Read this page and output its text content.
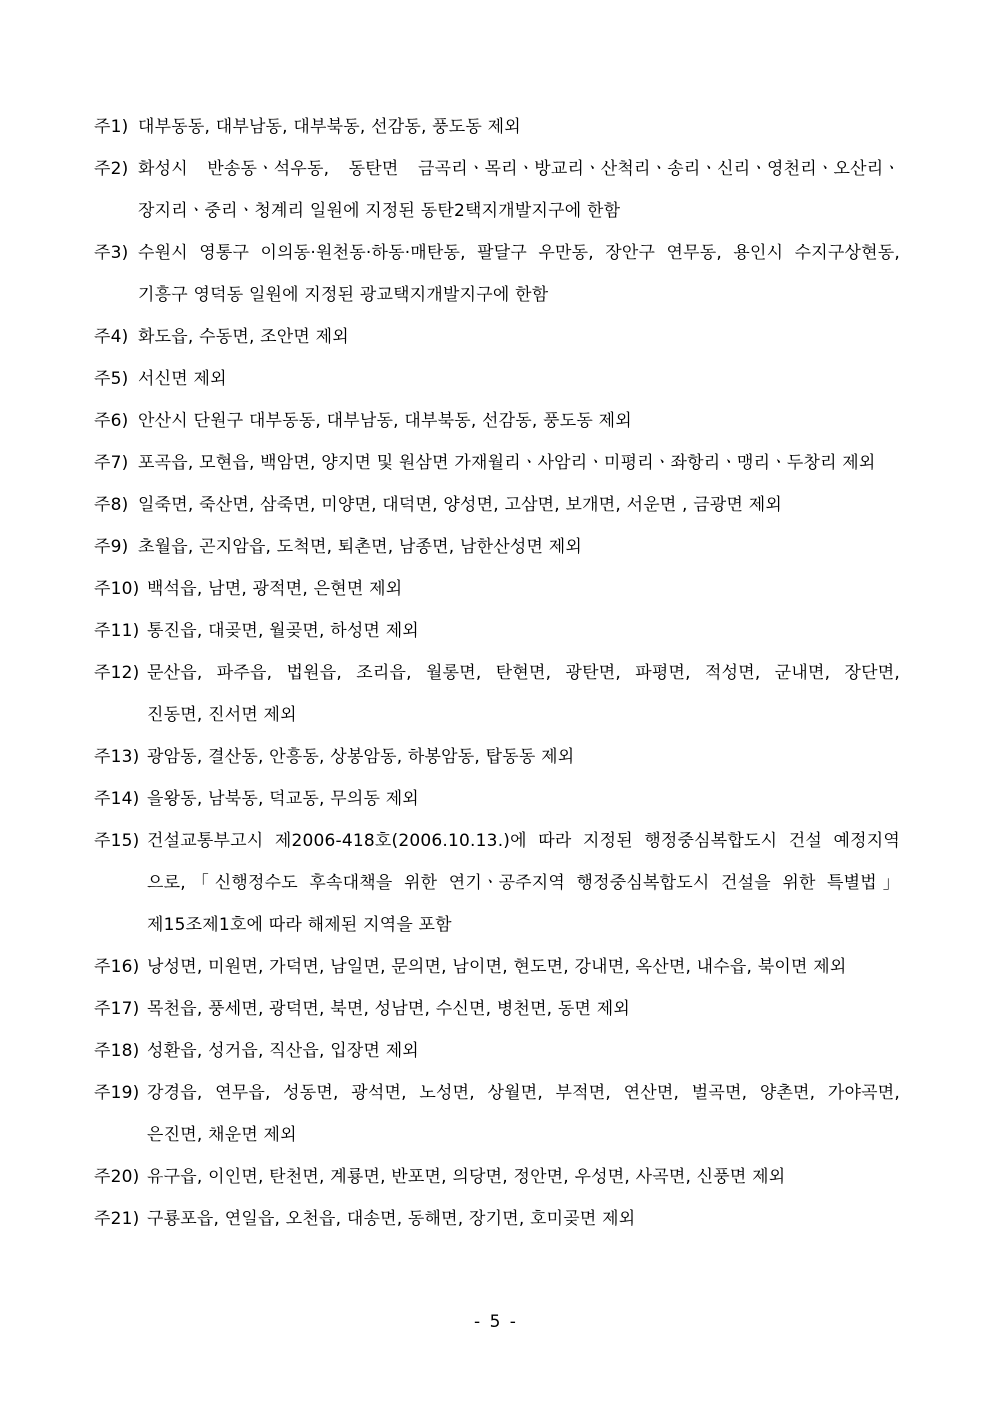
주1) 대부동동, 대부남동, 대부북동, 선감동, 풍도동 제외
주2) 화성시 반송동ㆍ석우동, 동탄면 금곡리ㆍ목리ㆍ방교리ㆍ산척리ㆍ송리ㆍ신리ㆍ영천리ㆍ오산리ㆍ
장지리ㆍ중리ㆍ청계리 일원에 지정된 동탄2택지개발지구에 한함
주3) 수원시 영통구 이의동·원천동·하동·매탄동, 팔달구 우만동, 장안구 연무동, 용인시 수지구상현동,
기흥구 영덕동 일원에 지정된 광교택지개발지구에 한함
주4) 화도읍, 수동면, 조안면 제외
주5) 서신면 제외
주6) 안산시 단원구 대부동동, 대부남동, 대부북동, 선감동, 풍도동 제외
주7) 포곡읍, 모현읍, 백암면, 양지면 및 원삼면 가재월리ㆍ사암리ㆍ미평리ㆍ좌항리ㆍ맹리ㆍ두창리 제외
주8) 일죽면, 죽산면, 삼죽면, 미양면, 대덕면, 양성면, 고삼면, 보개면, 서운면 , 금광면 제외
주9) 초월읍, 곤지암읍, 도척면, 퇴촌면, 남종면, 남한산성면 제외
주10) 백석읍, 남면, 광적면, 은현면 제외
주11) 통진읍, 대곶면, 월곶면, 하성면 제외
주12) 문산읍, 파주읍, 법원읍, 조리읍, 월롱면, 탄현면, 광탄면, 파평면, 적성면, 군내면, 장단면,
진동면, 진서면 제외
주13) 광암동, 결산동, 안흥동, 상봉암동, 하봉암동, 탑동동 제외
주14) 을왕동, 남북동, 덕교동, 무의동 제외
주15) 건설교통부고시 제2006-418호(2006.10.13.)에 따라 지정된 행정중심복합도시 건설 예정지역
으로,「신행정수도 후속대책을 위한 연기ㆍ공주지역 행정중심복합도시 건설을 위한 특별법」
제15조제1호에 따라 해제된 지역을 포함
주16) 낭성면, 미원면, 가덕면, 남일면, 문의면, 남이면, 현도면, 강내면, 옥산면, 내수읍, 북이면 제외
주17) 목천읍, 풍세면, 광덕면, 북면, 성남면, 수신면, 병천면, 동면 제외
주18) 성환읍, 성거읍, 직산읍, 입장면 제외
주19) 강경읍, 연무읍, 성동면, 광석면, 노성면, 상월면, 부적면, 연산면, 벌곡면, 양촌면, 가야곡면,
은진면, 채운면 제외
주20) 유구읍, 이인면, 탄천면, 계룡면, 반포면, 의당면, 정안면, 우성면, 사곡면, 신풍면 제외
주21) 구룡포읍, 연일읍, 오천읍, 대송면, 동해면, 장기면, 호미곶면 제외
- 5 -
